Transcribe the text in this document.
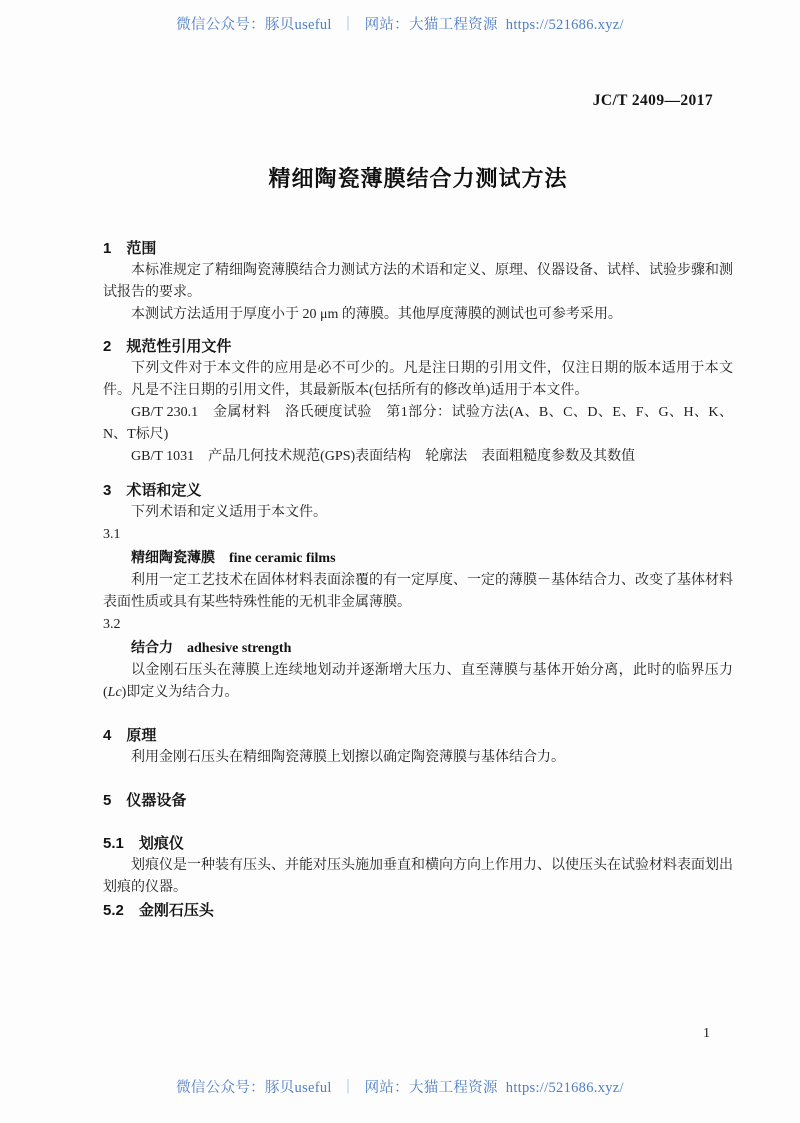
微信公众号：豚贝useful ｜ 网站：大猫工程资源 https://521686.xyz/
JC/T 2409—2017
精细陶瓷薄膜结合力测试方法
1　范围

本标准规定了精细陶瓷薄膜结合力测试方法的术语和定义、原理、仪器设备、试样、试验步骤和测试报告的要求。

本测试方法适用于厚度小于 20 μm 的薄膜。其他厚度薄膜的测试也可参考采用。

2　规范性引用文件

下列文件对于本文件的应用是必不可少的。凡是注日期的引用文件，仅注日期的版本适用于本文件。凡是不注日期的引用文件，其最新版本(包括所有的修改单)适用于本文件。

GB/T 230.1　金属材料　洛氏硬度试验　第1部分：试验方法(A、B、C、D、E、F、G、H、K、N、T标尺)

GB/T 1031　产品几何技术规范(GPS)表面结构　轮廓法　表面粗糙度参数及其数值

3　术语和定义

下列术语和定义适用于本文件。

3.1

精细陶瓷薄膜 fine ceramic films

利用一定工艺技术在固体材料表面涂覆的有一定厚度、一定的薄膜－基体结合力、改变了基体材料表面性质或具有某些特殊性能的无机非金属薄膜。

3.2

结合力 adhesive strength

以金刚石压头在薄膜上连续地划动并逐渐增大压力、直至薄膜与基体开始分离，此时的临界压力(Lc)即定义为结合力。

4　原理

利用金刚石压头在精细陶瓷薄膜上划擦以确定陶瓷薄膜与基体结合力。

5　仪器设备
5.1　划痕仪

划痕仪是一种装有压头、并能对压头施加垂直和横向方向上作用力、以使压头在试验材料表面划出划痕的仪器。

5.2　金刚石压头
1
微信公众号：豚贝useful ｜ 网站：大猫工程资源 https://521686.xyz/
